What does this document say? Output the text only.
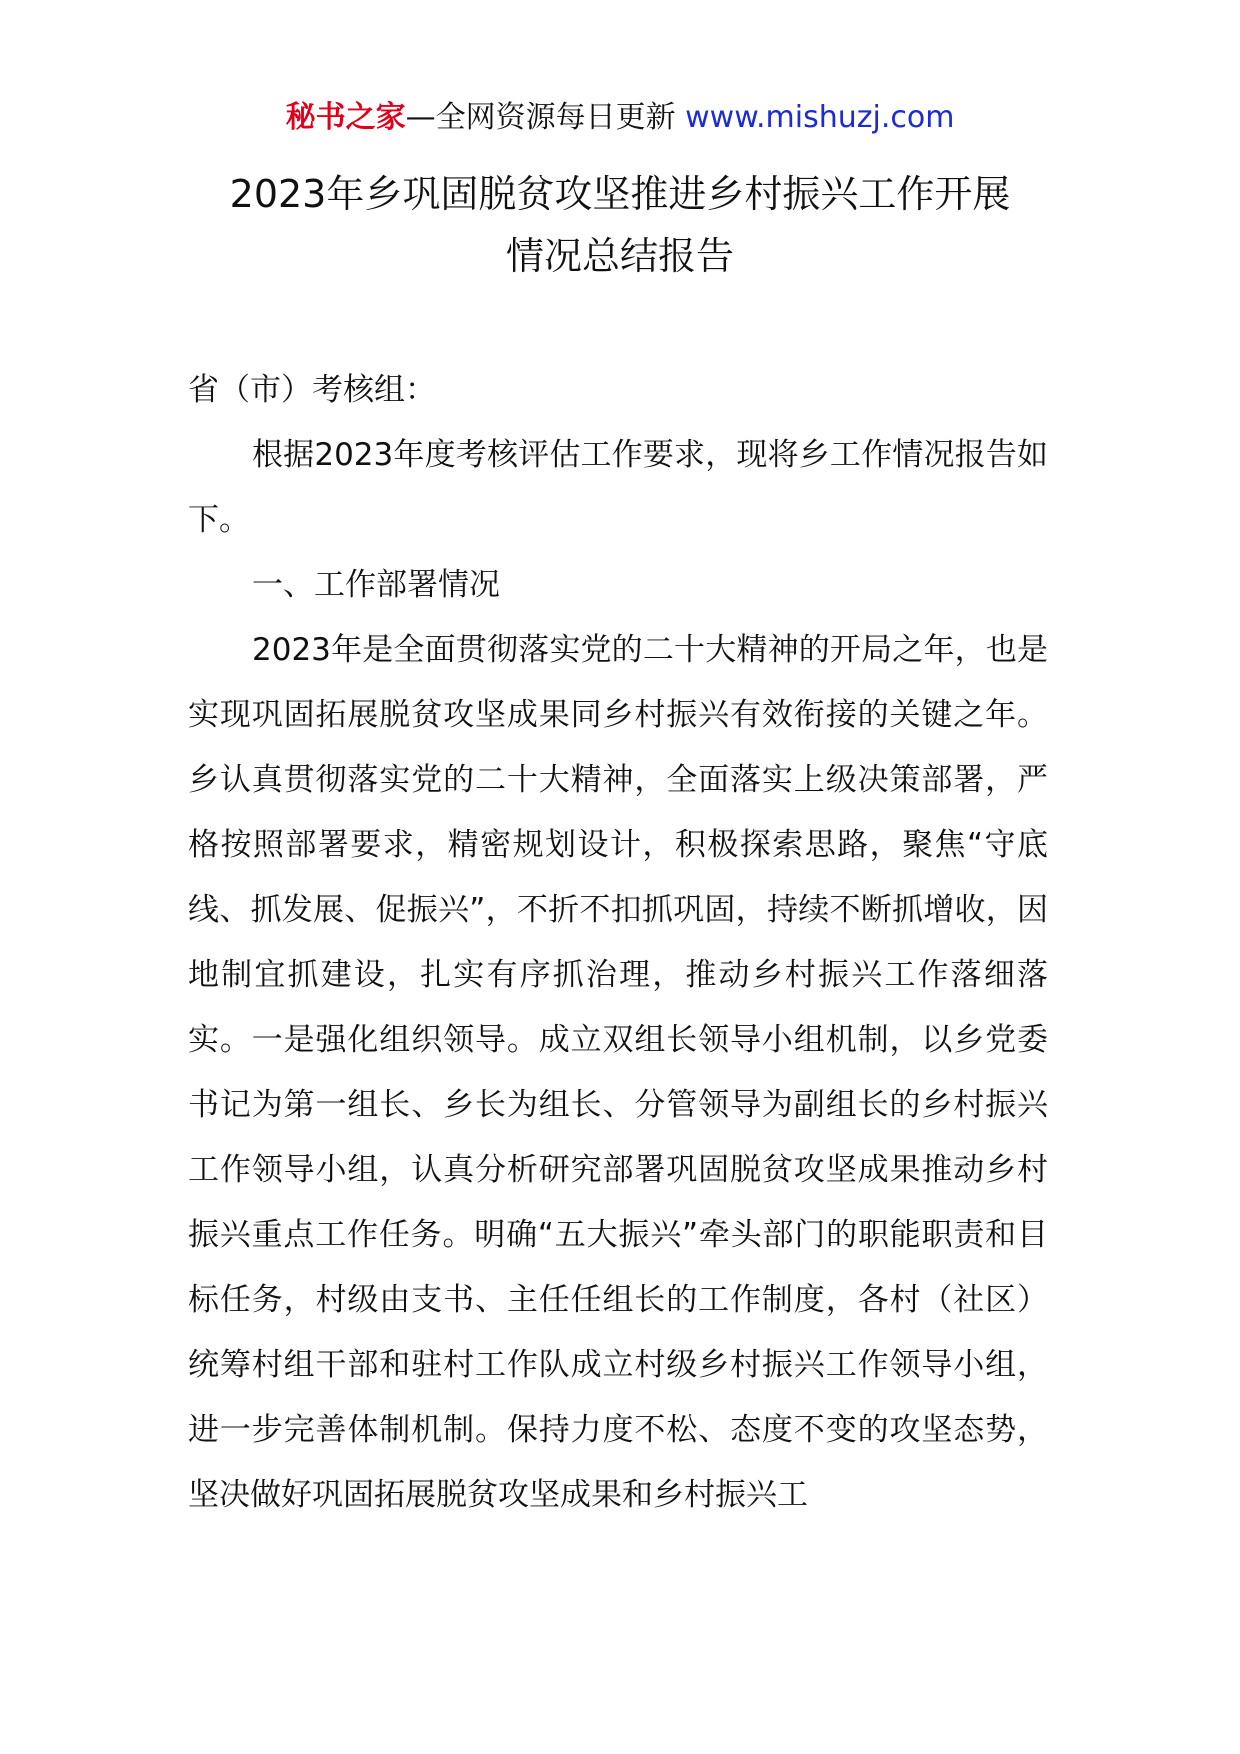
秘书之家—全网资源每日更新 www.mishuzj.com
2023年乡巩固脱贫攻坚推进乡村振兴工作开展
情况总结报告

省（市）考核组：

根据2023年度考核评估工作要求，现将乡工作情况报告如下。

一、工作部署情况

2023年是全面贯彻落实党的二十大精神的开局之年，也是实现巩固拓展脱贫攻坚成果同乡村振兴有效衔接的关键之年。乡认真贯彻落实党的二十大精神，全面落实上级决策部署，严格按照部署要求，精密规划设计，积极探索思路，聚焦“守底线、抓发展、促振兴”，不折不扣抓巩固，持续不断抓增收，因地制宜抓建设，扎实有序抓治理，推动乡村振兴工作落细落实。一是强化组织领导。成立双组长领导小组机制，以乡党委书记为第一组长、乡长为组长、分管领导为副组长的乡村振兴工作领导小组，认真分析研究部署巩固脱贫攻坚成果推动乡村振兴重点工作任务。明确“五大振兴”牵头部门的职能职责和目标任务，村级由支书、主任任组长的工作制度，各村（社区）统筹村组干部和驻村工作队成立村级乡村振兴工作领导小组，进一步完善体制机制。保持力度不松、态度不变的攻坚态势，坚决做好巩固拓展脱贫攻坚成果和乡村振兴工
